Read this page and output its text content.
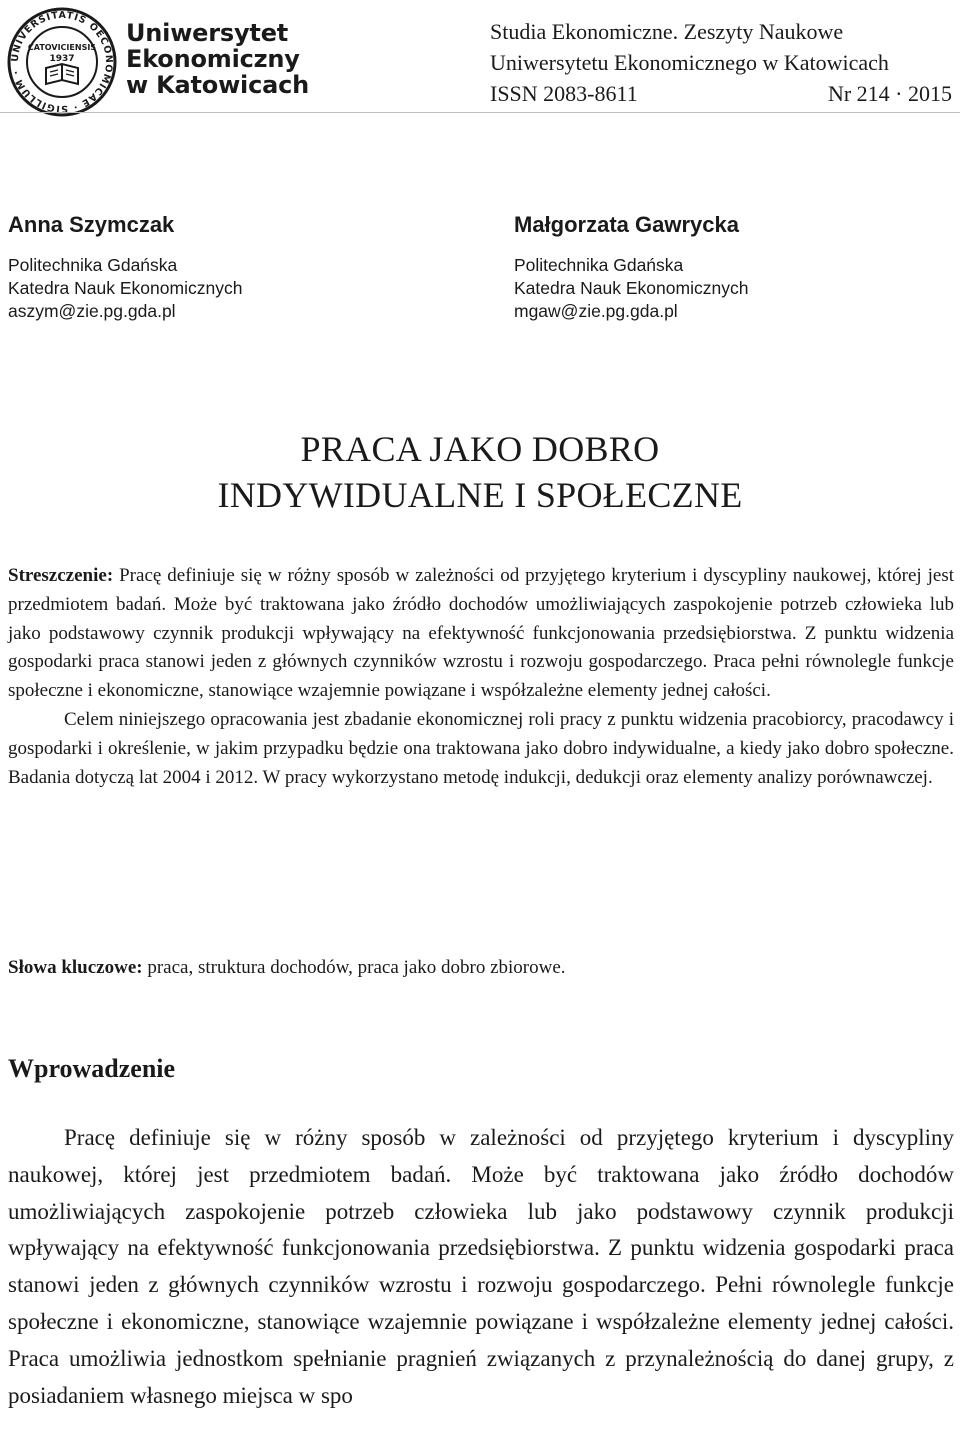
UNIVERSITATIS OECONOMICAE · SIGILLUM ·
CATOVICIENSIS
1937
Uniwersytet
Ekonomiczny
w Katowicach
Studia Ekonomiczne. Zeszyty Naukowe
Uniwersytetu Ekonomicznego w Katowicach
ISSN 2083-8611	Nr 214 · 2015
Anna Szymczak
Politechnika Gdańska
Katedra Nauk Ekonomicznych
aszym@zie.pg.gda.pl
Małgorzata Gawrycka
Politechnika Gdańska
Katedra Nauk Ekonomicznych
mgaw@zie.pg.gda.pl
PRACA JAKO DOBRO
INDYWIDUALNE I SPOŁECZNE

Streszczenie: Pracę definiuje się w różny sposób w zależności od przyjętego kryterium i dyscypliny naukowej, której jest przedmiotem badań. Może być traktowana jako źródło dochodów umożliwiających zaspokojenie potrzeb człowieka lub jako podstawowy czynnik produkcji wpływający na efektywność funkcjonowania przedsiębiorstwa. Z punktu widzenia gospodarki praca stanowi jeden z głównych czynników wzrostu i rozwoju gospodarczego. Praca pełni równolegle funkcje społeczne i ekonomiczne, stanowiące wzajemnie powiązane i współzależne elementy jednej całości.

Celem niniejszego opracowania jest zbadanie ekonomicznej roli pracy z punktu widzenia pracobiorcy, pracodawcy i gospodarki i określenie, w jakim przypadku będzie ona traktowana jako dobro indywidualne, a kiedy jako dobro społeczne. Badania dotyczą lat 2004 i 2012. W pracy wykorzystano metodę indukcji, dedukcji oraz elementy analizy porównawczej.

Słowa kluczowe: praca, struktura dochodów, praca jako dobro zbiorowe.
Wprowadzenie

Pracę definiuje się w różny sposób w zależności od przyjętego kryterium i dyscypliny naukowej, której jest przedmiotem badań. Może być traktowana jako źródło dochodów umożliwiających zaspokojenie potrzeb człowieka lub jako podstawowy czynnik produkcji wpływający na efektywność funkcjonowania przedsiębiorstwa. Z punktu widzenia gospodarki praca stanowi jeden z głównych czynników wzrostu i rozwoju gospodarczego. Pełni równolegle funkcje społeczne i ekonomiczne, stanowiące wzajemnie powiązane i współzależne elementy jednej całości. Praca umożliwia jednostkom spełnianie pragnień związanych z przynależnością do danej grupy, z posiadaniem własnego miejsca w spo
